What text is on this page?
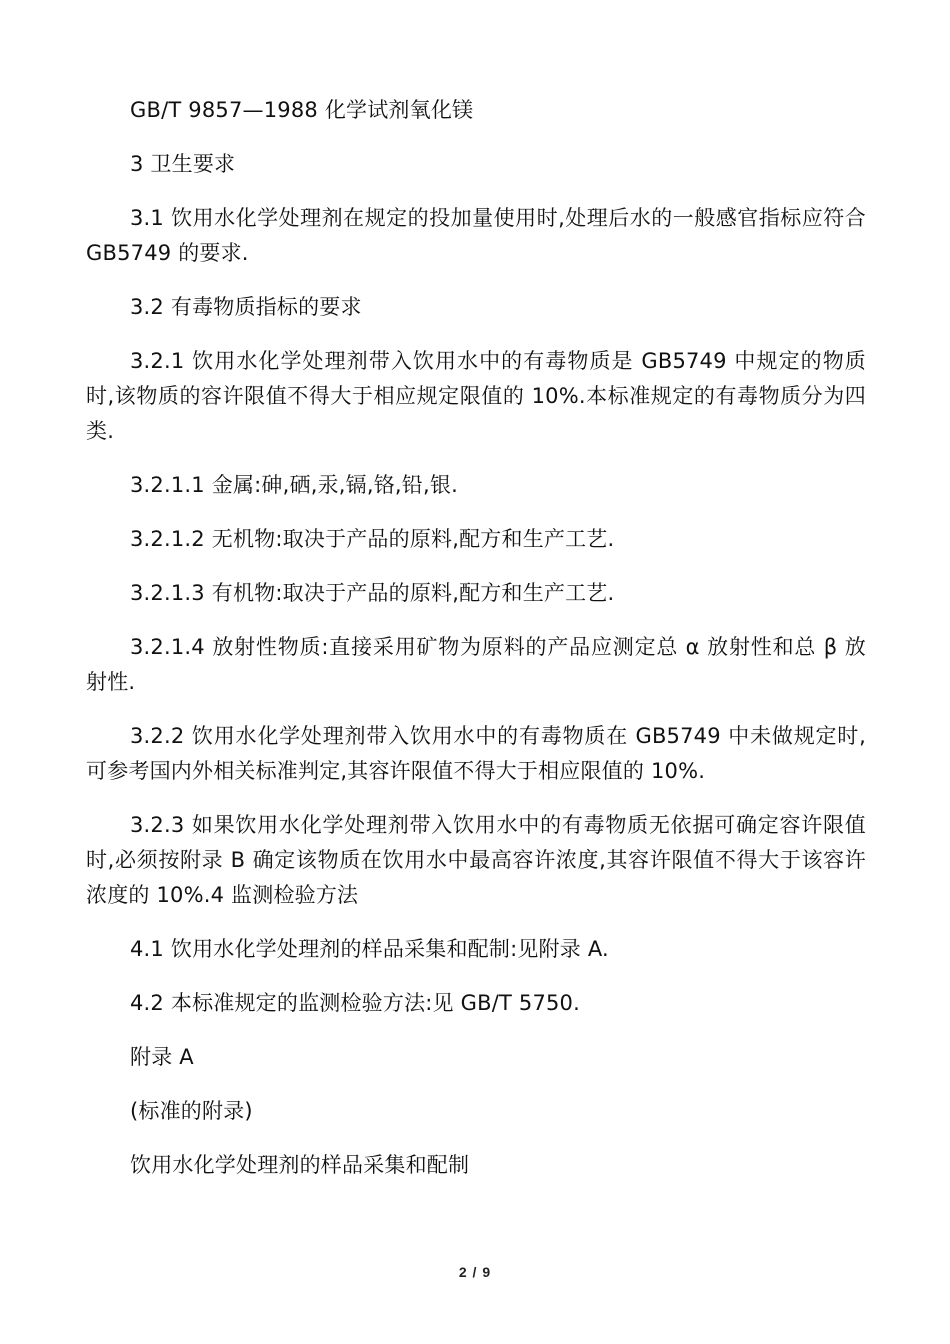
GB/T 9857—1988 化学试剂氧化镁

3 卫生要求

3.1 饮用水化学处理剂在规定的投加量使用时,处理后水的一般感官指标应符合 GB5749 的要求.

3.2 有毒物质指标的要求

3.2.1 饮用水化学处理剂带入饮用水中的有毒物质是 GB5749 中规定的物质时,该物质的容许限值不得大于相应规定限值的 10%.本标准规定的有毒物质分为四类.

3.2.1.1 金属:砷,硒,汞,镉,铬,铅,银.

3.2.1.2 无机物:取决于产品的原料,配方和生产工艺.

3.2.1.3 有机物:取决于产品的原料,配方和生产工艺.

3.2.1.4 放射性物质:直接采用矿物为原料的产品应测定总 α 放射性和总 β 放射性.

3.2.2 饮用水化学处理剂带入饮用水中的有毒物质在 GB5749 中未做规定时,可参考国内外相关标准判定,其容许限值不得大于相应限值的 10%.

3.2.3 如果饮用水化学处理剂带入饮用水中的有毒物质无依据可确定容许限值时,必须按附录 B 确定该物质在饮用水中最高容许浓度,其容许限值不得大于该容许浓度的 10%.4 监测检验方法

4.1 饮用水化学处理剂的样品采集和配制:见附录 A.

4.2 本标准规定的监测检验方法:见 GB/T 5750.

附录 A

(标准的附录)

饮用水化学处理剂的样品采集和配制

2 / 9
